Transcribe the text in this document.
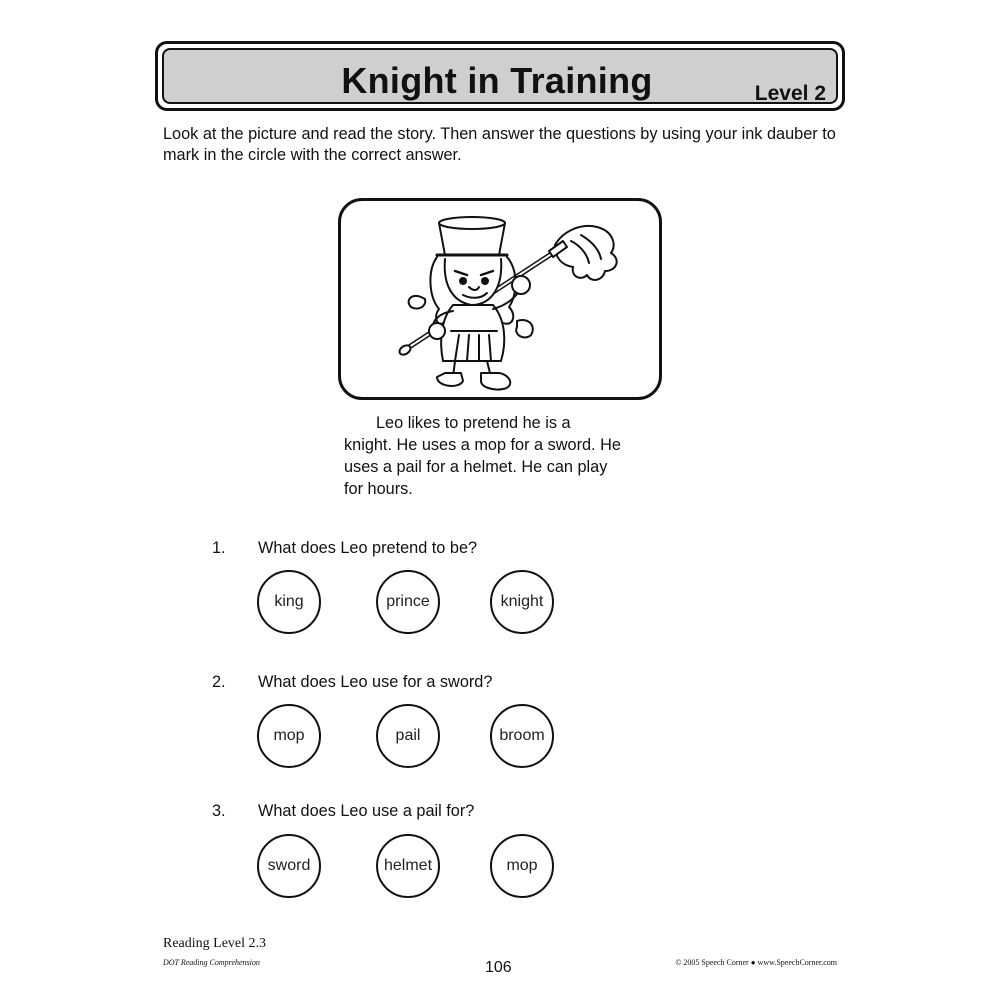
Knight in Training	Level 2
Look at the picture and read the story. Then answer the questions by using your ink dauber to mark in the circle with the correct answer.
Leo likes to pretend he is a
knight. He uses a mop for a sword. He
uses a pail for a helmet. He can play
for hours.
1. What does Leo pretend to be?
king	prince	knight
2. What does Leo use for a sword?
mop	pail	broom
3. What does Leo use a pail for?
sword	helmet	mop
Reading Level 2.3
DOT Reading Comprehension	106	© 2005 Speech Corner ● www.SpeechCorner.com
